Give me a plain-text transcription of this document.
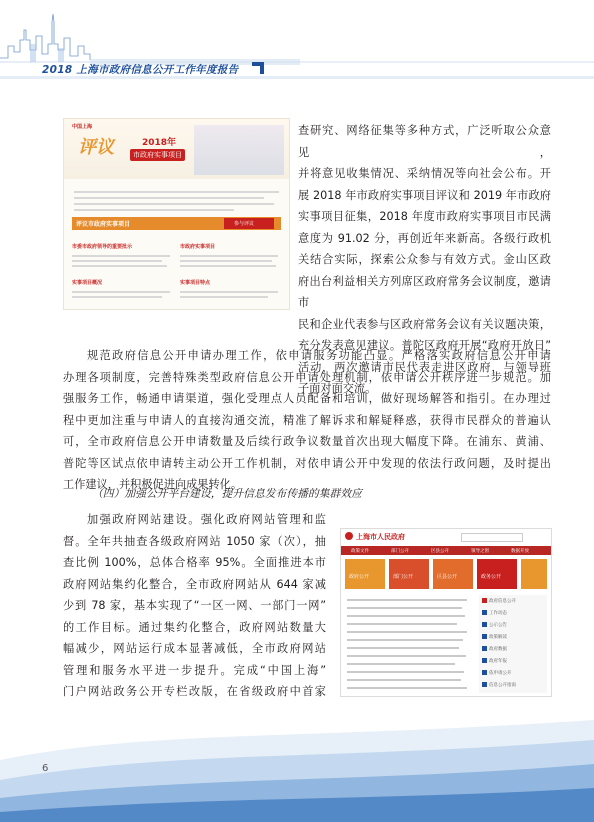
2018 上海市政府信息公开工作年度报告
中国上海
评议	2018年
市政府实事项目
评议市政府实事项目	参与评议
市委市政府领导的重要批示	市政府实事项目
实事项目概况	实事项目特点
查研究、网络征集等多种方式，广泛听取公众意见，
并将意见收集情况、采纳情况等向社会公布。开
展 2018 年市政府实事项目评议和 2019 年市政府
实事项目征集，2018 年度市政府实事项目市民满
意度为 91.02 分，再创近年来新高。各级行政机
关结合实际，探索公众参与有效方式。金山区政
府出台利益相关方列席区政府常务会议制度，邀请市
民和企业代表参与区政府常务会议有关议题决策，
充分发表意见建议。普陀区政府开展“政府开放日”
活动，两次邀请市民代表走进区政府，与领导班
子面对面交流。
规范政府信息公开申请办理工作，依申请服务功能凸显。严格落实政府信息公开申请
办理各项制度，完善特殊类型政府信息公开申请处理机制，依申请公开秩序进一步规范。加
强服务工作，畅通申请渠道，强化受理点人员配备和培训，做好现场解答和指引。在办理过
程中更加注重与申请人的直接沟通交流，精准了解诉求和解疑释惑，获得市民群众的普遍认
可，全市政府信息公开申请数量及后续行政争议数量首次出现大幅度下降。在浦东、黄浦、
普陀等区试点依申请转主动公开工作机制，对依申请公开中发现的依法行政问题，及时提出
工作建议，并积极促进向成果转化。
（四）加强公开平台建设，提升信息发布传播的集群效应
加强政府网站建设。强化政府网站管理和监
督。全年共抽查各级政府网站 1050 家（次），抽
查比例 100%，总体合格率 95%。全面推进本市
政府网站集约化整合，全市政府网站从 644 家减
少到 78 家，基本实现了“一区一网、一部门一网”
的工作目标。通过集约化整合，政府网站数量大
幅减少，网站运行成本显著减低，全市政府网站
管理和服务水平进一步提升。完成“中国上海”
门户网站政务公开专栏改版，在省级政府中首家
上海市人民政府
政策文件	部门公开	区县公开	领导之窗	数据开放
政府公开	部门公开	区县公开	政务公开
政府信息公开
工作动态
公示公告
政策解读
政府数据
政府年报
依申请公开
信息公开指南
6
